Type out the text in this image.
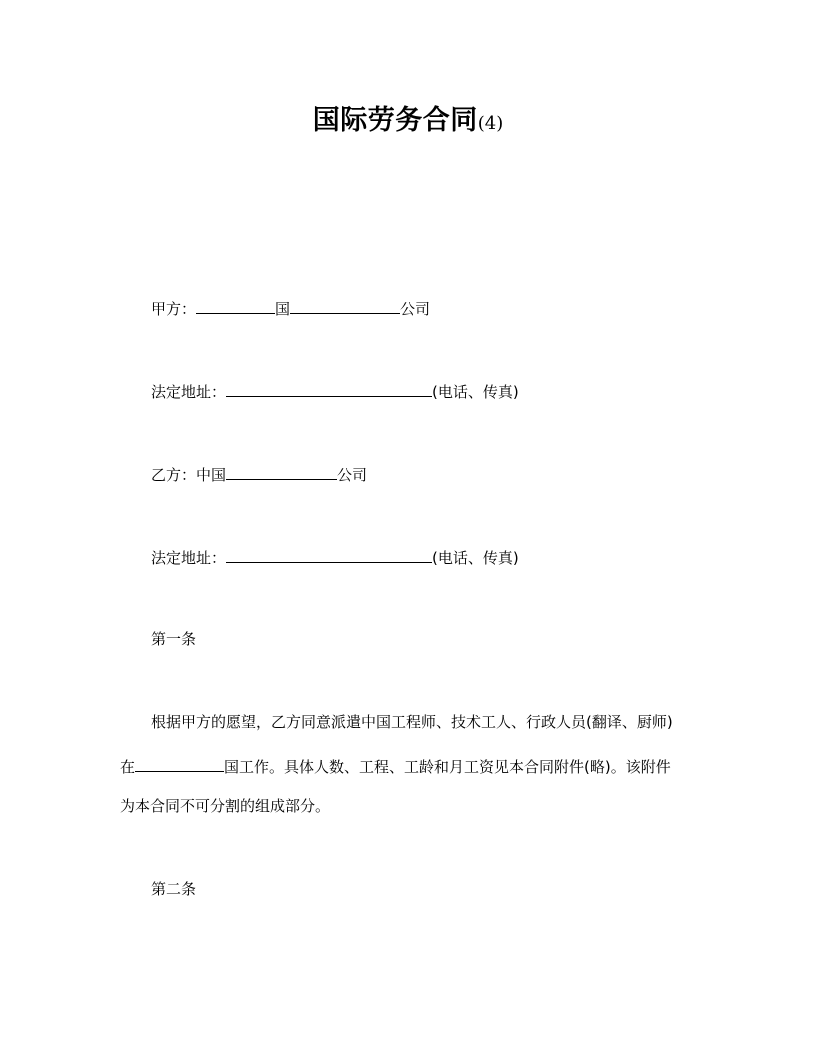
国际劳务合同(4)
甲方：	国	公司
法定地址：	(电话、传真)
乙方：中国	公司
法定地址：	(电话、传真)
第一条
根据甲方的愿望，乙方同意派遣中国工程师、技术工人、行政人员(翻译、厨师)
在	国工作。具体人数、工程、工龄和月工资见本合同附件(略)。该附件
为本合同不可分割的组成部分。
第二条
